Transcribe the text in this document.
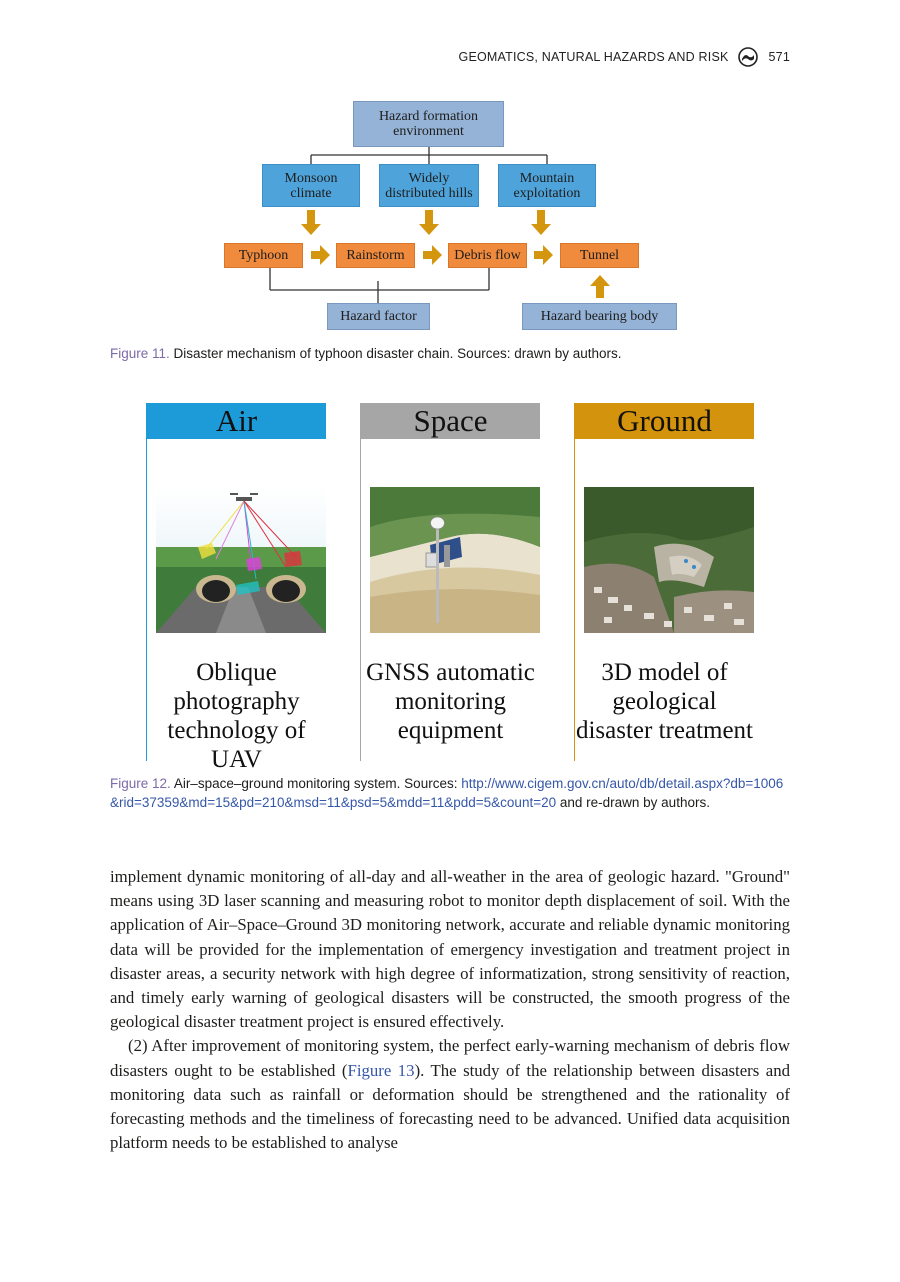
GEOMATICS, NATURAL HAZARDS AND RISK	571
Hazard formation environment
Monsoon climate
Widely distributed hills
Mountain exploitation
Typhoon	Rainstorm	Debris flow	Tunnel
Hazard factor	Hazard bearing body
Figure 11. Disaster mechanism of typhoon disaster chain. Sources: drawn by authors.
Air
Oblique photography technology of UAV
Space
GNSS automatic monitoring equipment
Ground
3D model of geological disaster treatment
Figure 12. Air–space–ground monitoring system. Sources: http://www.cigem.gov.cn/auto/db/detail.aspx?db=1006&rid=37359&md=15&pd=210&msd=11&psd=5&mdd=11&pdd=5&count=20 and re-drawn by authors.

implement dynamic monitoring of all-day and all-weather in the area of geologic hazard. "Ground" means using 3D laser scanning and measuring robot to monitor depth displacement of soil. With the application of Air–Space–Ground 3D monitoring network, accurate and reliable dynamic monitoring data will be provided for the implementation of emergency investigation and treatment project in disaster areas, a security network with high degree of informatization, strong sensitivity of reaction, and timely early warning of geological disasters will be constructed, the smooth progress of the geological disaster treatment project is ensured effectively.

(2) After improvement of monitoring system, the perfect early-warning mechanism of debris flow disasters ought to be established (Figure 13). The study of the relationship between disasters and monitoring data such as rainfall or deformation should be strengthened and the rationality of forecasting methods and the timeliness of forecasting need to be advanced. Unified data acquisition platform needs to be established to analyse
